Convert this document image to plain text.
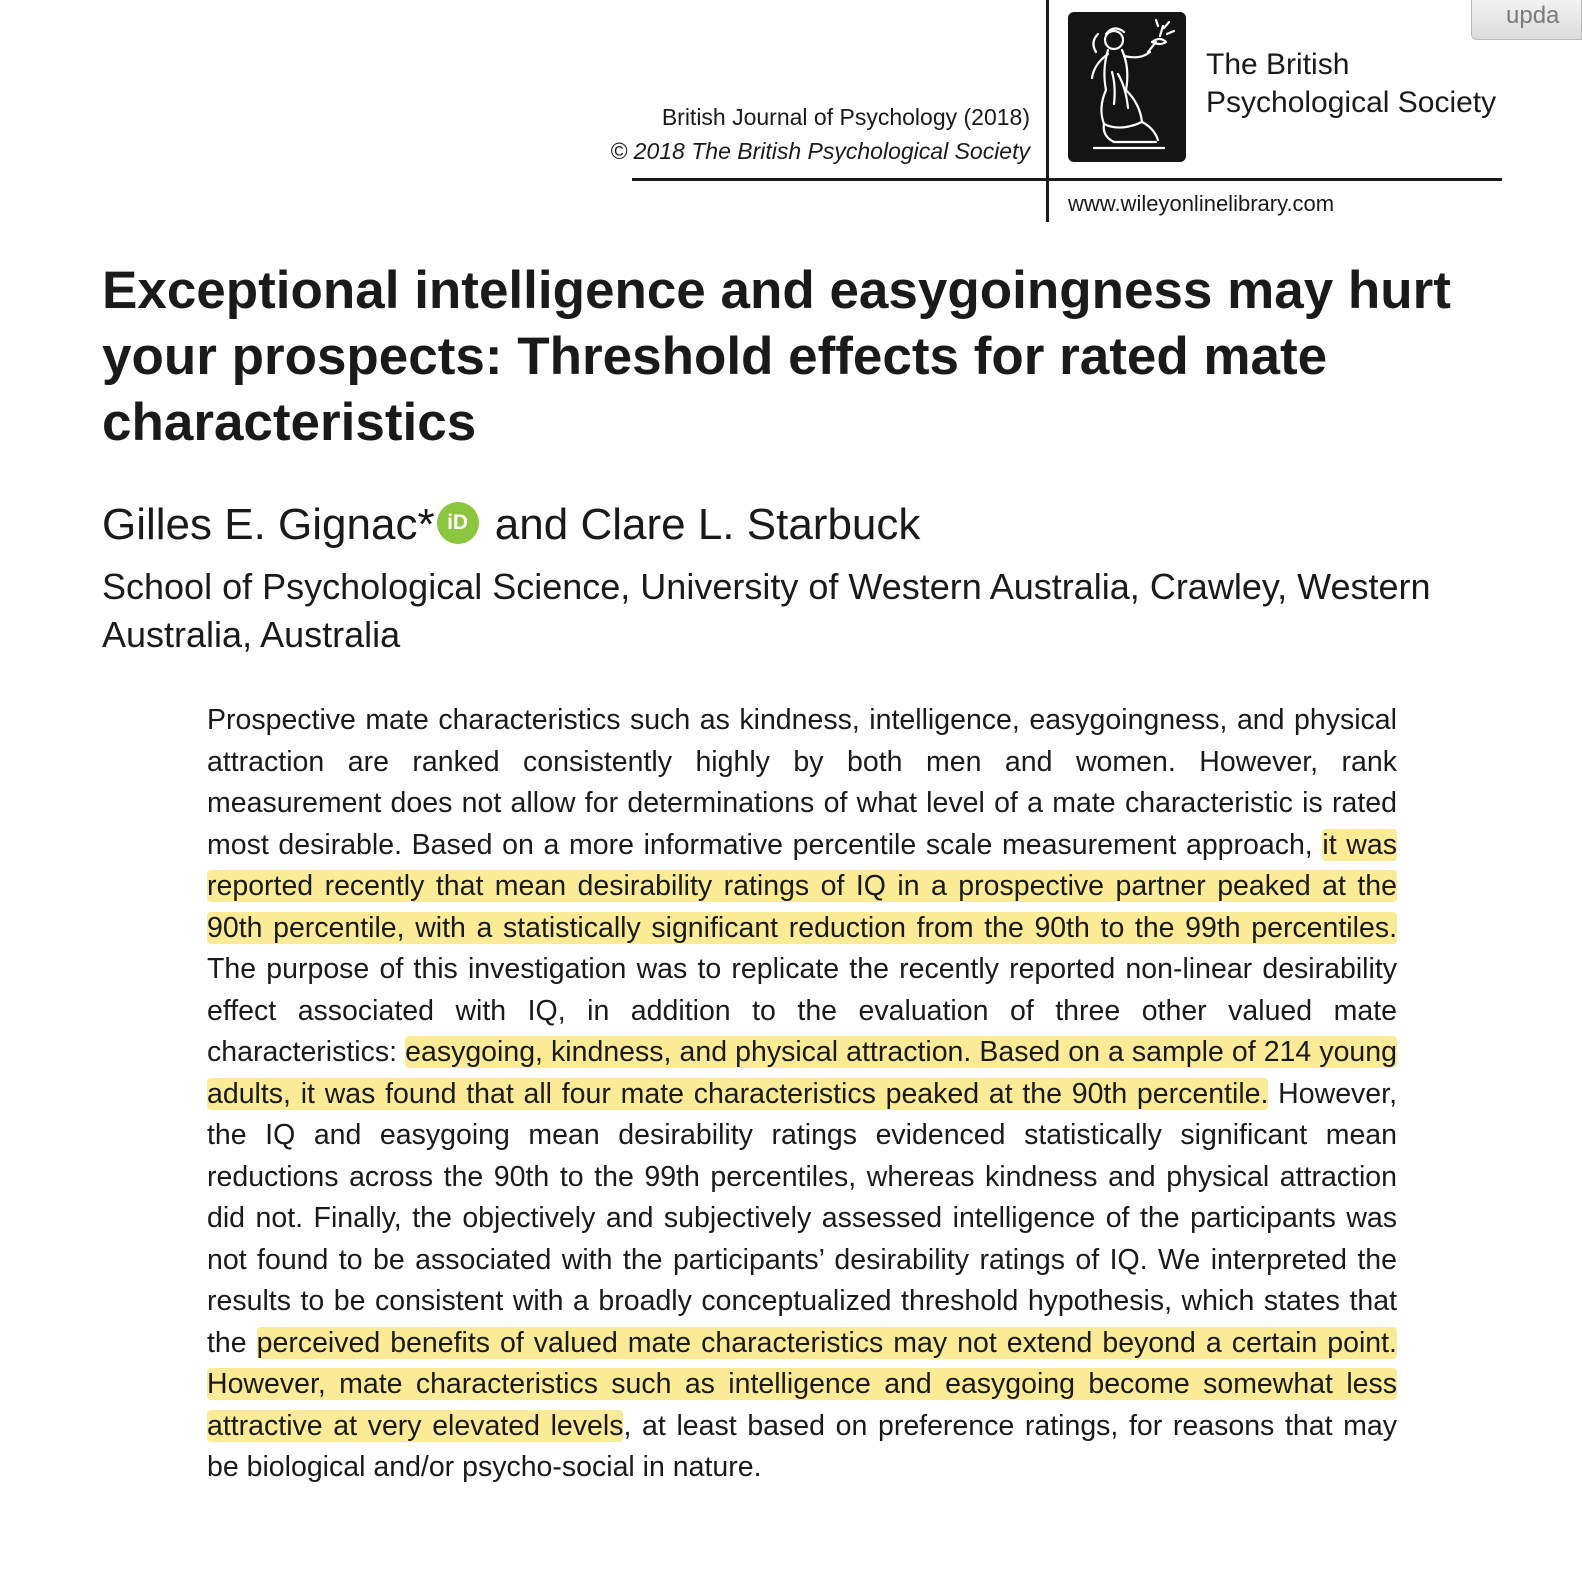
British Journal of Psychology (2018)
© 2018 The British Psychological Society
The British
Psychological Society
www.wileyonlinelibrary.com
upda
Exceptional intelligence and easygoingness may hurt your prospects: Threshold effects for rated mate characteristics
Gilles E. Gignac* iD and Clare L. Starbuck
School of Psychological Science, University of Western Australia, Crawley, Western Australia, Australia

Prospective mate characteristics such as kindness, intelligence, easygoingness, and physical attraction are ranked consistently highly by both men and women. However, rank measurement does not allow for determinations of what level of a mate characteristic is rated most desirable. Based on a more informative percentile scale measurement approach, it was reported recently that mean desirability ratings of IQ in a prospective partner peaked at the 90th percentile, with a statistically significant reduction from the 90th to the 99th percentiles. The purpose of this investigation was to replicate the recently reported non-linear desirability effect associated with IQ, in addition to the evaluation of three other valued mate characteristics: easygoing, kindness, and physical attraction. Based on a sample of 214 young adults, it was found that all four mate characteristics peaked at the 90th percentile. However, the IQ and easygoing mean desirability ratings evidenced statistically significant mean reductions across the 90th to the 99th percentiles, whereas kindness and physical attraction did not. Finally, the objectively and subjectively assessed intelligence of the participants was not found to be associated with the participants’ desirability ratings of IQ. We interpreted the results to be consistent with a broadly conceptualized threshold hypothesis, which states that the perceived benefits of valued mate characteristics may not extend beyond a certain point. However, mate characteristics such as intelligence and easygoing become somewhat less attractive at very elevated levels, at least based on preference ratings, for reasons that may be biological and/or psycho-social in nature.
